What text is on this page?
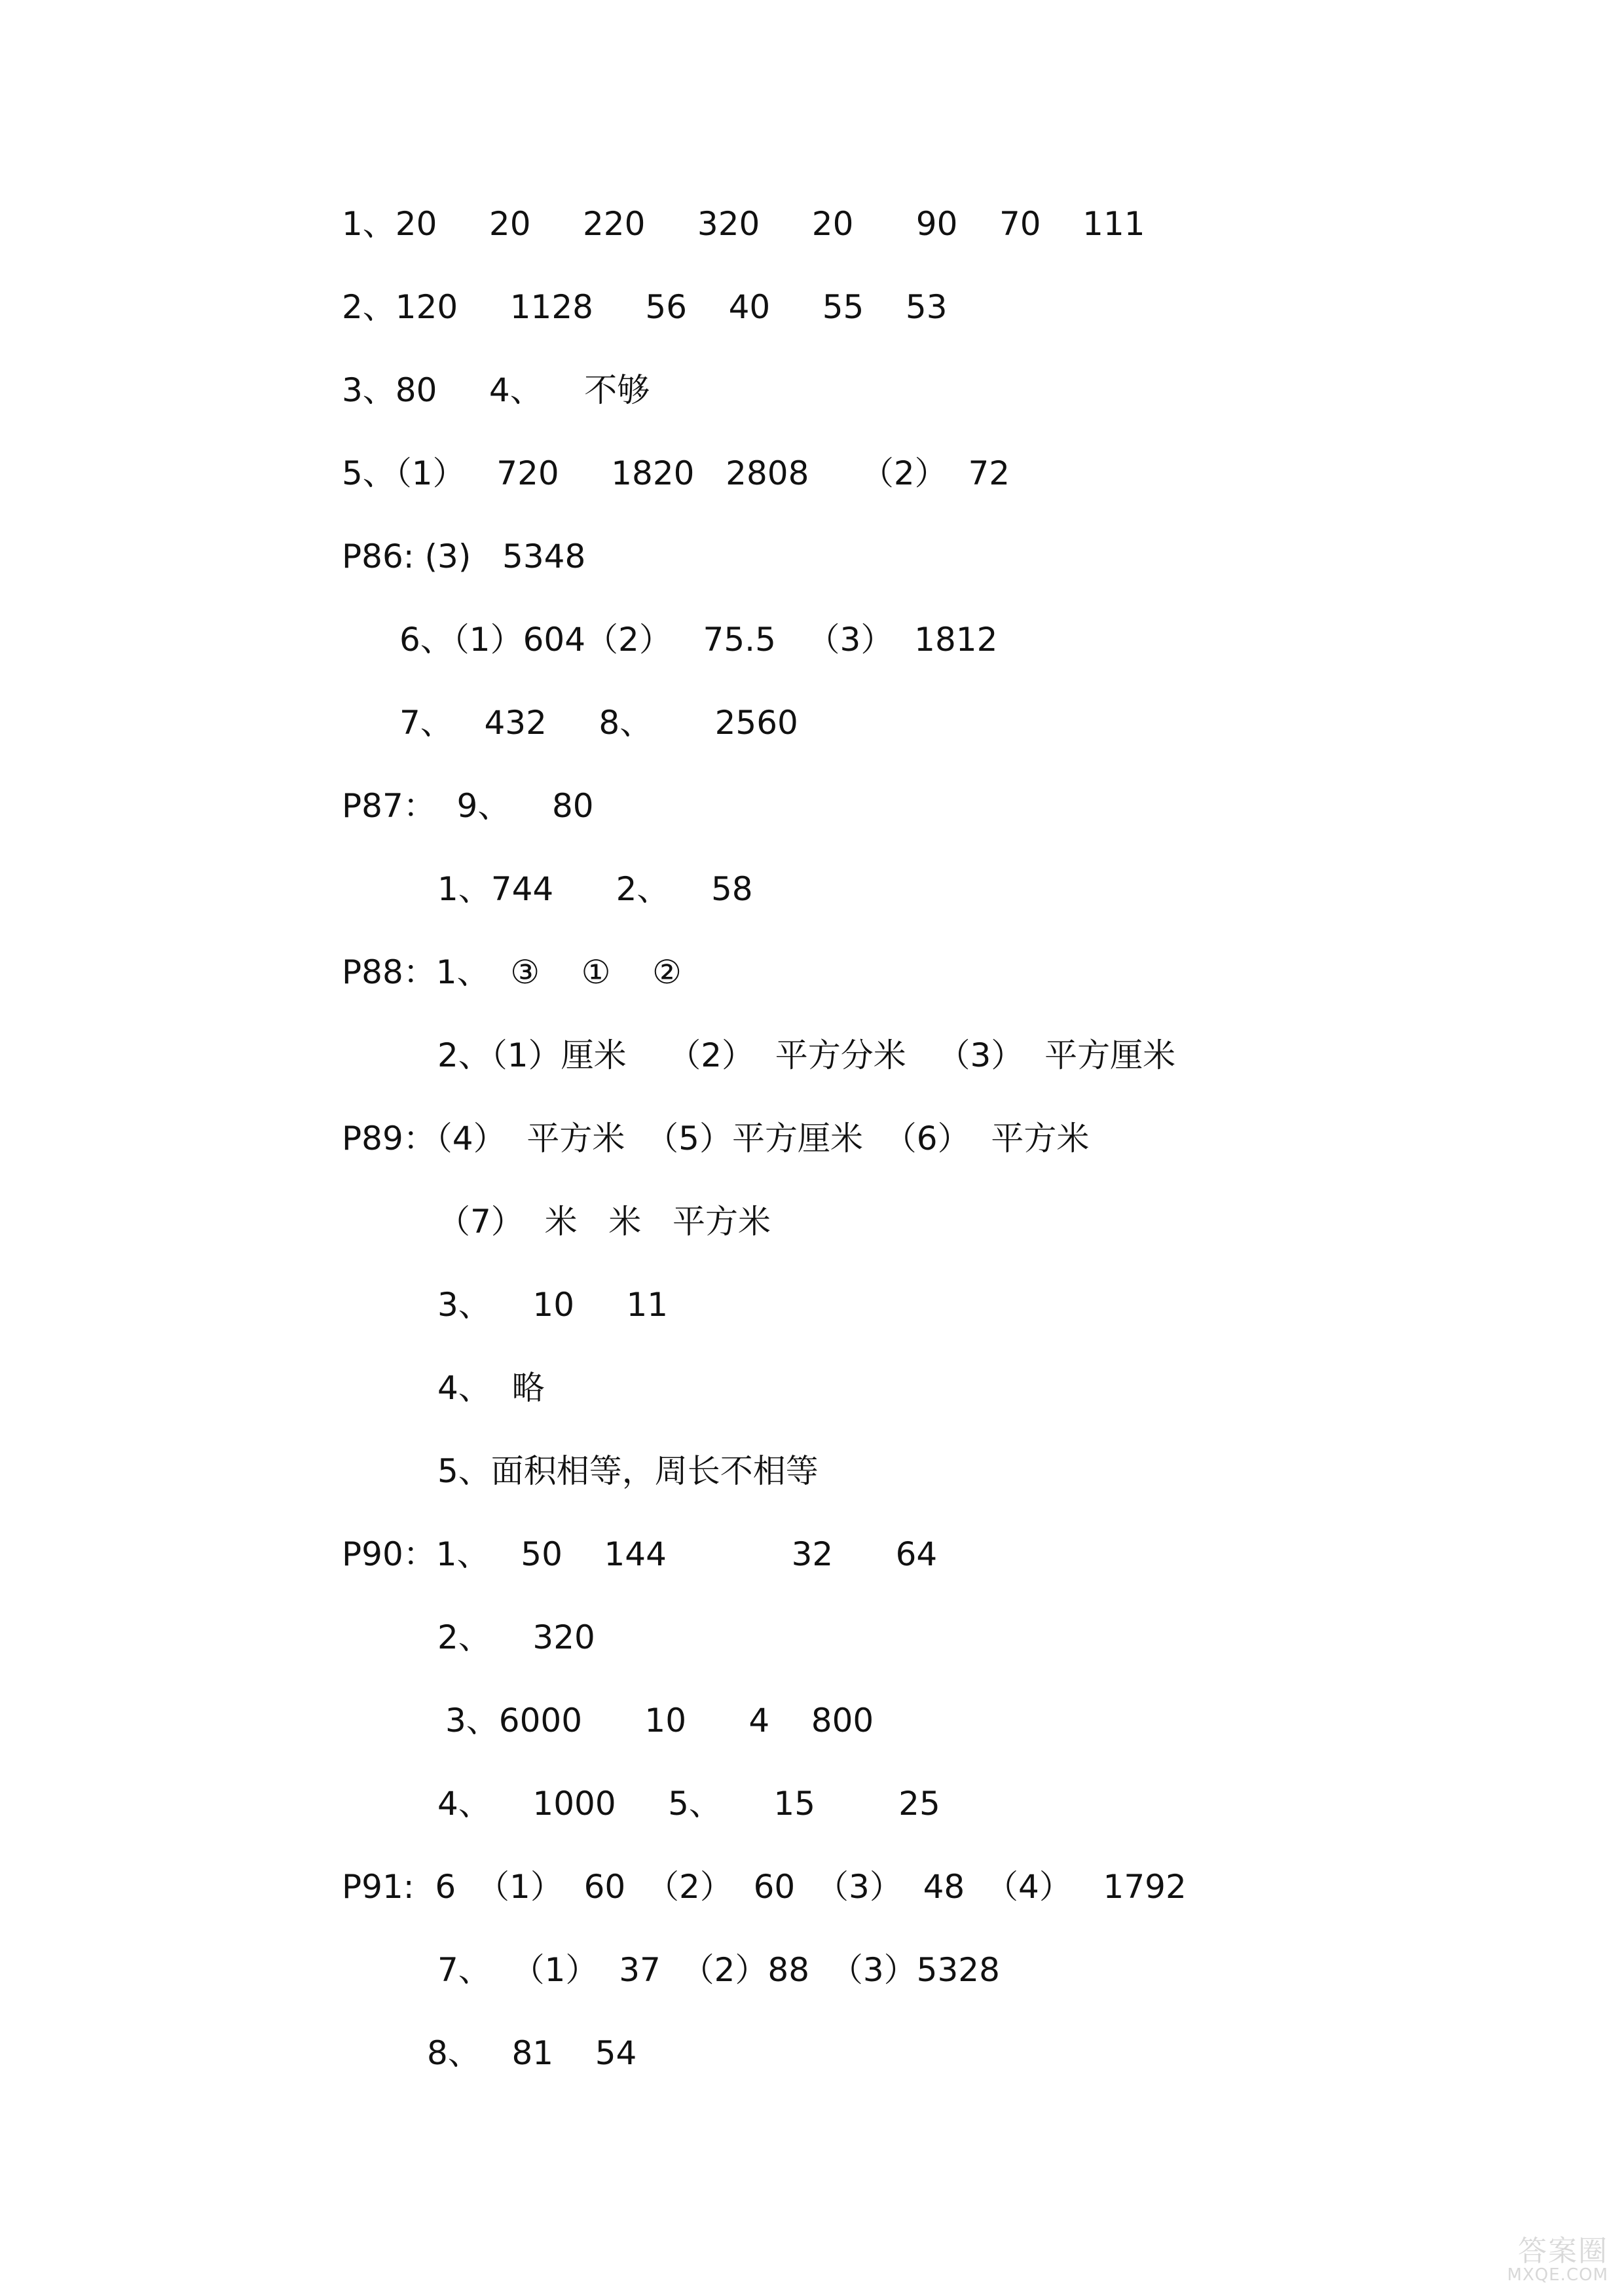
1、20     20     220     320     20      90    70    111
2、120     1128     56    40     55    53
3、80     4、    不够
5、（1）   720     1820   2808     （2）  72
P86: (3)   5348
6、（1）604（2）   75.5   （3）  1812
7、   432     8、      2560
P87：  9、    80
1、744      2、    58
P88：1、  ③    ①    ②
2、（1）厘米    （2）  平方分米   （3）  平方厘米
P89：（4）  平方米  （5）平方厘米  （6）  平方米
（7）  米   米   平方米
3、    10     11
4、  略
5、面积相等，周长不相等
P90：1、   50    144            32      64
2、    320
3、6000      10      4    800
4、    1000     5、     15        25
P91:  6  （1）  60  （2）  60  （3）  48  （4）   1792
7、  （1）  37  （2）88  （3）5328
8、   81    54
答案圈
MXQE.COM
